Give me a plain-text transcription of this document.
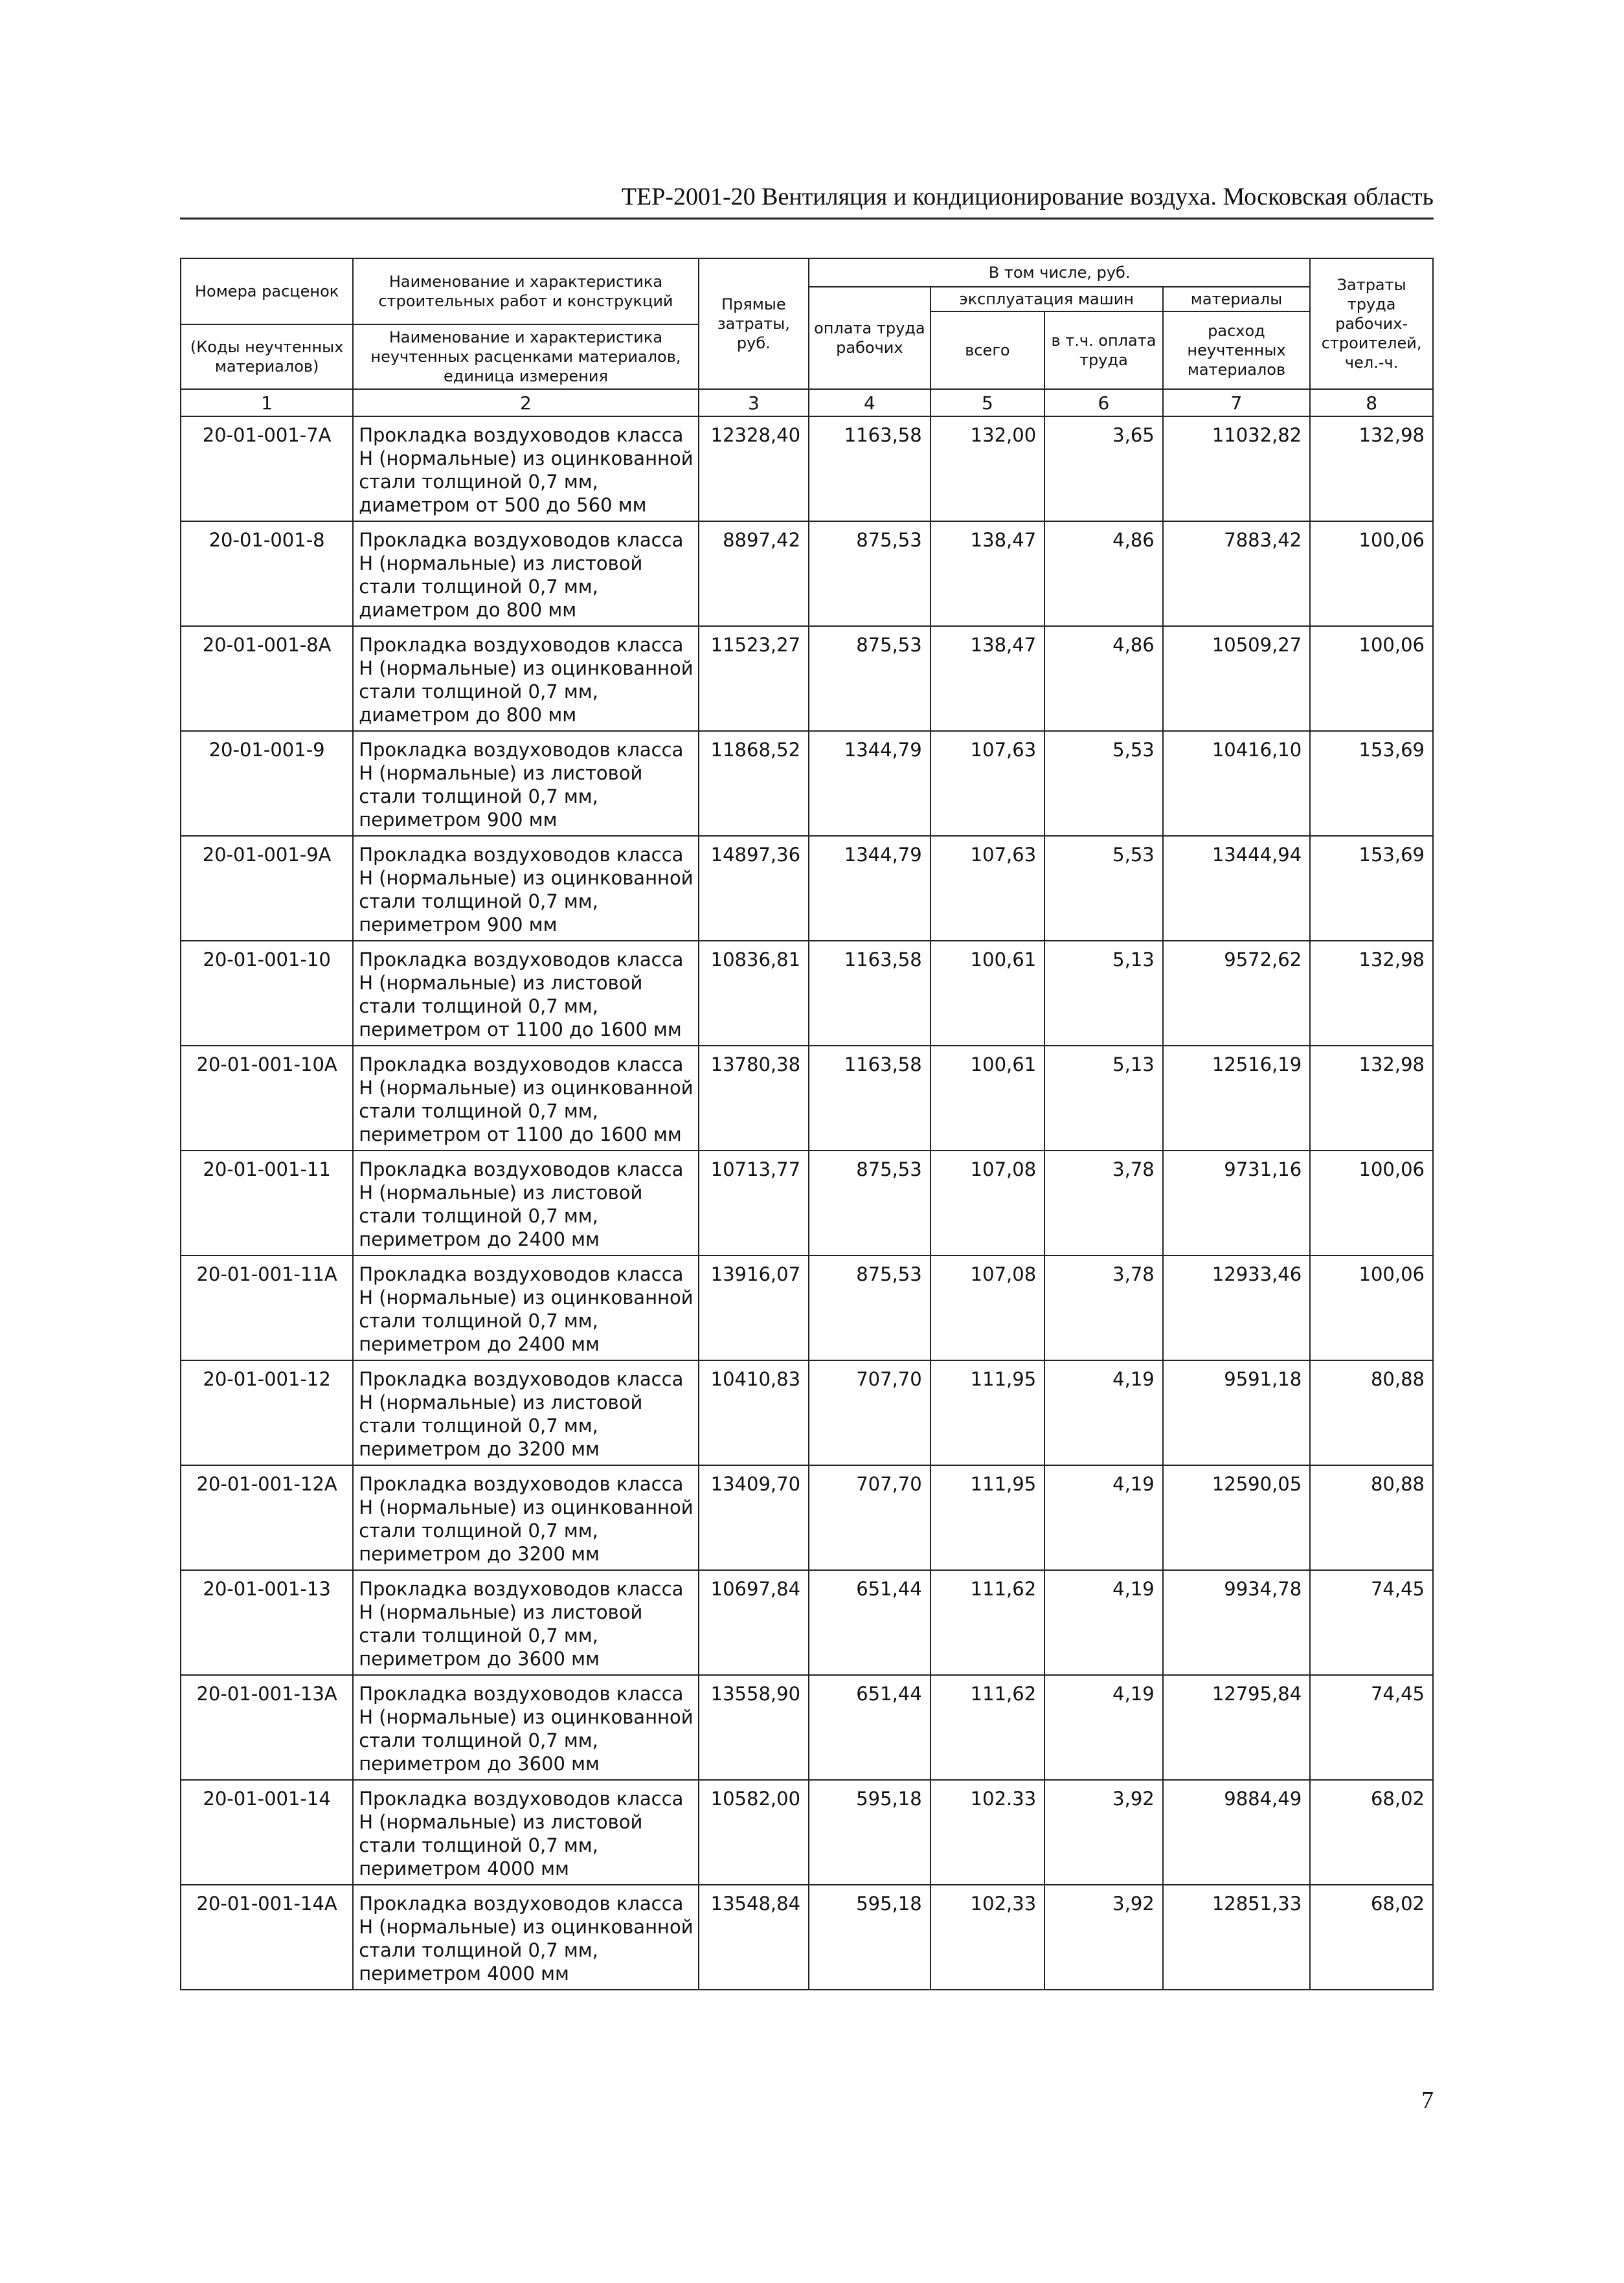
ТЕР-2001-20 Вентиляция и кондиционирование воздуха. Московская область
Номера расценок	Наименование и характеристика строительных работ и конструкций	Прямые затраты, руб.	В том числе, руб.				Затраты труда рабочих-строителей, чел.-ч.
			оплата труда рабочих	эксплуатация машин		материалы	
				всего	в т.ч. оплата труда	расход неучтенных материалов	
(Коды неучтенных материалов)	Наименование и характеристика неучтенных расценками материалов, единица измерения						

1	2	3	4	5	6	7	8
20-01-001-7А	Прокладка воздуховодов класса Н (нормальные) из оцинкованной стали толщиной 0,7 мм, диаметром от 500 до 560 мм	12328,40	1163,58	132,00	3,65	11032,82	132,98
20-01-001-8	Прокладка воздуховодов класса Н (нормальные) из листовой стали толщиной 0,7 мм, диаметром до 800 мм	8897,42	875,53	138,47	4,86	7883,42	100,06
20-01-001-8А	Прокладка воздуховодов класса Н (нормальные) из оцинкованной стали толщиной 0,7 мм, диаметром до 800 мм	11523,27	875,53	138,47	4,86	10509,27	100,06
20-01-001-9	Прокладка воздуховодов класса Н (нормальные) из листовой стали толщиной 0,7 мм, периметром 900 мм	11868,52	1344,79	107,63	5,53	10416,10	153,69
20-01-001-9А	Прокладка воздуховодов класса Н (нормальные) из оцинкованной стали толщиной 0,7 мм, периметром 900 мм	14897,36	1344,79	107,63	5,53	13444,94	153,69
20-01-001-10	Прокладка воздуховодов класса Н (нормальные) из листовой стали толщиной 0,7 мм, периметром от 1100 до 1600 мм	10836,81	1163,58	100,61	5,13	9572,62	132,98
20-01-001-10А	Прокладка воздуховодов класса Н (нормальные) из оцинкованной стали толщиной 0,7 мм, периметром от 1100 до 1600 мм	13780,38	1163,58	100,61	5,13	12516,19	132,98
20-01-001-11	Прокладка воздуховодов класса Н (нормальные) из листовой стали толщиной 0,7 мм, периметром до 2400 мм	10713,77	875,53	107,08	3,78	9731,16	100,06
20-01-001-11А	Прокладка воздуховодов класса Н (нормальные) из оцинкованной стали толщиной 0,7 мм, периметром до 2400 мм	13916,07	875,53	107,08	3,78	12933,46	100,06
20-01-001-12	Прокладка воздуховодов класса Н (нормальные) из листовой стали толщиной 0,7 мм, периметром до 3200 мм	10410,83	707,70	111,95	4,19	9591,18	80,88
20-01-001-12А	Прокладка воздуховодов класса Н (нормальные) из оцинкованной стали толщиной 0,7 мм, периметром до 3200 мм	13409,70	707,70	111,95	4,19	12590,05	80,88
20-01-001-13	Прокладка воздуховодов класса Н (нормальные) из листовой стали толщиной 0,7 мм, периметром до 3600 мм	10697,84	651,44	111,62	4,19	9934,78	74,45
20-01-001-13А	Прокладка воздуховодов класса Н (нормальные) из оцинкованной стали толщиной 0,7 мм, периметром до 3600 мм	13558,90	651,44	111,62	4,19	12795,84	74,45
20-01-001-14	Прокладка воздуховодов класса Н (нормальные) из листовой стали толщиной 0,7 мм, периметром 4000 мм	10582,00	595,18	102.33	3,92	9884,49	68,02
20-01-001-14А	Прокладка воздуховодов класса Н (нормальные) из оцинкованной стали толщиной 0,7 мм, периметром 4000 мм	13548,84	595,18	102,33	3,92	12851,33	68,02
7
